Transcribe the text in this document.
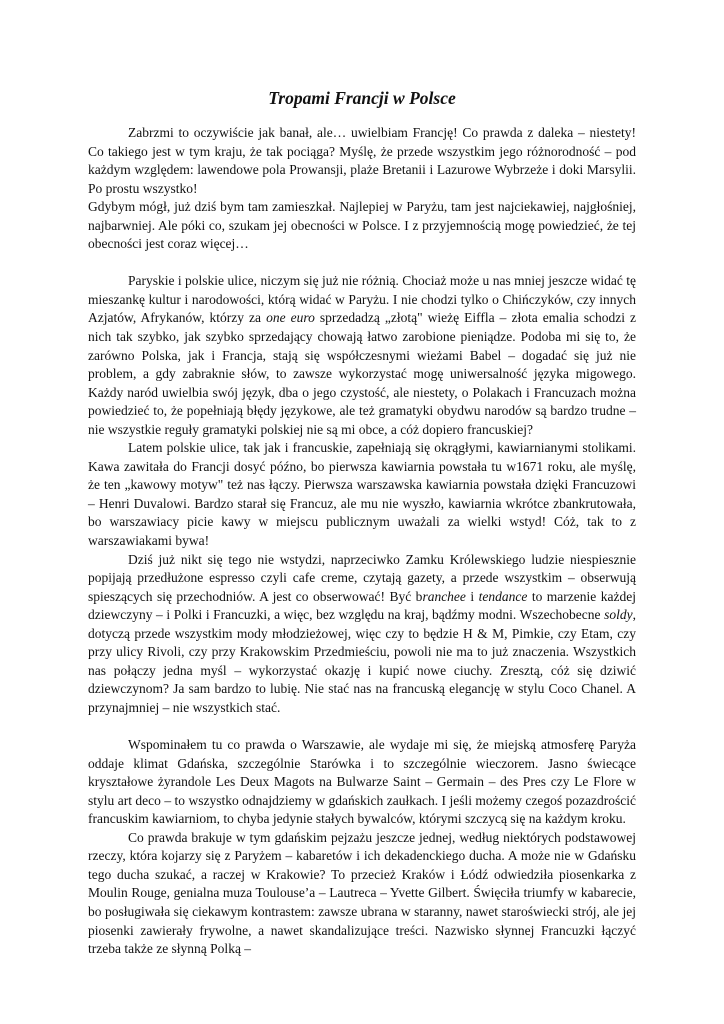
Tropami Francji w Polsce

Zabrzmi to oczywiście jak banał, ale… uwielbiam Francję! Co prawda z daleka – niestety! Co takiego jest w tym kraju, że tak pociąga? Myślę, że przede wszystkim jego różnorodność – pod każdym względem: lawendowe pola Prowansji, plaże Bretanii i Lazurowe Wybrzeże i doki Marsylii. Po prostu wszystko!

Gdybym mógł, już dziś bym tam zamieszkał. Najlepiej w Paryżu, tam jest najciekawiej, najgłośniej, najbarwniej. Ale póki co, szukam jej obecności w Polsce. I z przyjemnością mogę powiedzieć, że tej obecności jest coraz więcej…

Paryskie i polskie ulice, niczym się już nie różnią. Chociaż może u nas mniej jeszcze widać tę mieszankę kultur i narodowości, którą widać w Paryżu. I nie chodzi tylko o Chińczyków, czy innych Azjatów, Afrykanów, którzy za one euro sprzedadzą „złotą" wieżę Eiffla – złota emalia schodzi z nich tak szybko, jak szybko sprzedający chowają łatwo zarobione pieniądze. Podoba mi się to, że zarówno Polska, jak i Francja, stają się współczesnymi wieżami Babel – dogadać się już nie problem, a gdy zabraknie słów, to zawsze wykorzystać mogę uniwersalność języka migowego. Każdy naród uwielbia swój język, dba o jego czystość, ale niestety, o Polakach i Francuzach można powiedzieć to, że popełniają błędy językowe, ale też gramatyki obydwu narodów są bardzo trudne – nie wszystkie reguły gramatyki polskiej nie są mi obce, a cóż dopiero francuskiej?

Latem polskie ulice, tak jak i francuskie, zapełniają się okrągłymi, kawiarnianymi stolikami. Kawa zawitała do Francji dosyć późno, bo pierwsza kawiarnia powstała tu w1671 roku, ale myślę, że ten „kawowy motyw" też nas łączy. Pierwsza warszawska kawiarnia powstała dzięki Francuzowi – Henri Duvalowi. Bardzo starał się Francuz, ale mu nie wyszło, kawiarnia wkrótce zbankrutowała, bo warszawiacy picie kawy w miejscu publicznym uważali za wielki wstyd! Cóż, tak to z warszawiakami bywa!

Dziś już nikt się tego nie wstydzi, naprzeciwko Zamku Królewskiego ludzie niespiesznie popijają przedłużone espresso czyli cafe creme, czytają gazety, a przede wszystkim – obserwują spieszących się przechodniów. A jest co obserwować! Być branchee i tendance to marzenie każdej dziewczyny – i Polki i Francuzki, a więc, bez względu na kraj, bądźmy modni. Wszechobecne soldy, dotyczą przede wszystkim mody młodzieżowej, więc czy to będzie H & M, Pimkie, czy Etam, czy przy ulicy Rivoli, czy przy Krakowskim Przedmieściu, powoli nie ma to już znaczenia. Wszystkich nas połączy jedna myśl – wykorzystać okazję i kupić nowe ciuchy. Zresztą, cóż się dziwić dziewczynom? Ja sam bardzo to lubię. Nie stać nas na francuską elegancję w stylu Coco Chanel. A przynajmniej – nie wszystkich stać.

Wspominałem tu co prawda o Warszawie, ale wydaje mi się, że miejską atmosferę Paryża oddaje klimat Gdańska, szczególnie Starówka i to szczególnie wieczorem. Jasno świecące kryształowe żyrandole Les Deux Magots na Bulwarze Saint – Germain – des Pres czy Le Flore w stylu art deco – to wszystko odnajdziemy w gdańskich zaułkach. I jeśli możemy czegoś pozazdrościć francuskim kawiarniom, to chyba jedynie stałych bywalców, którymi szczycą się na każdym kroku.

Co prawda brakuje w tym gdańskim pejzażu jeszcze jednej, według niektórych podstawowej rzeczy, która kojarzy się z Paryżem – kabaretów i ich dekadenckiego ducha. A może nie w Gdańsku tego ducha szukać, a raczej w Krakowie? To przecież Kraków i Łódź odwiedziła piosenkarka z Moulin Rouge, genialna muza Toulouse’a – Lautreca – Yvette Gilbert. Święciła triumfy w kabarecie, bo posługiwała się ciekawym kontrastem: zawsze ubrana w staranny, nawet staroświecki strój, ale jej piosenki zawierały frywolne, a nawet skandalizujące treści. Nazwisko słynnej Francuzki łączyć trzeba także ze słynną Polką –
